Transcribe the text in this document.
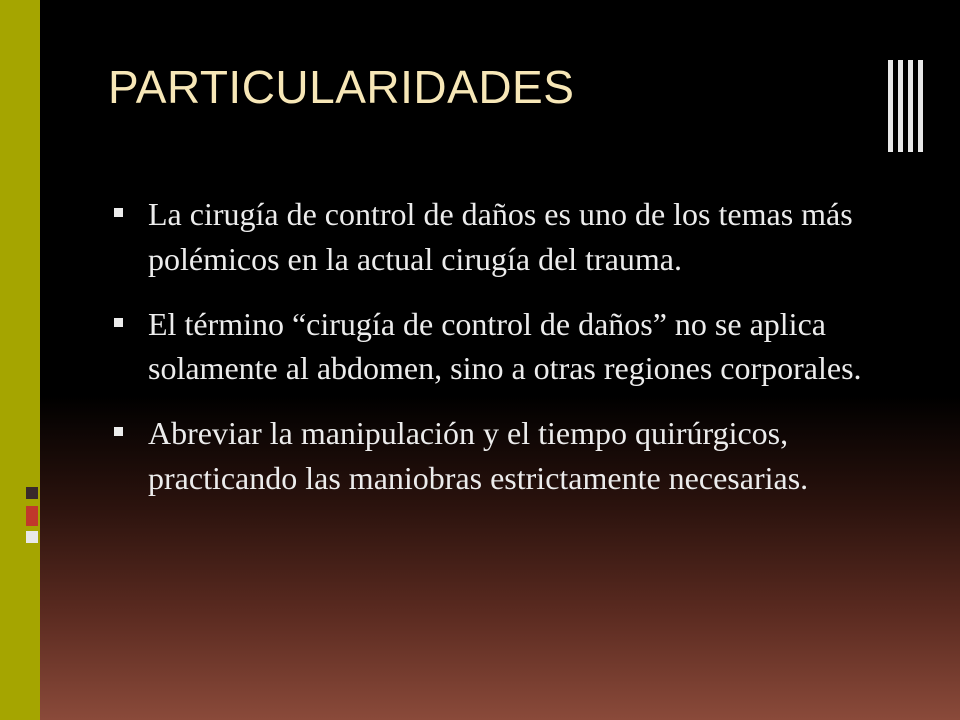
PARTICULARIDADES
La cirugía de control de daños es uno de los temas más polémicos en la actual cirugía del trauma.
El término “cirugía de control de daños” no se aplica solamente al abdomen, sino a otras regiones corporales.
Abreviar la manipulación y el tiempo quirúrgicos, practicando las maniobras estrictamente necesarias.
